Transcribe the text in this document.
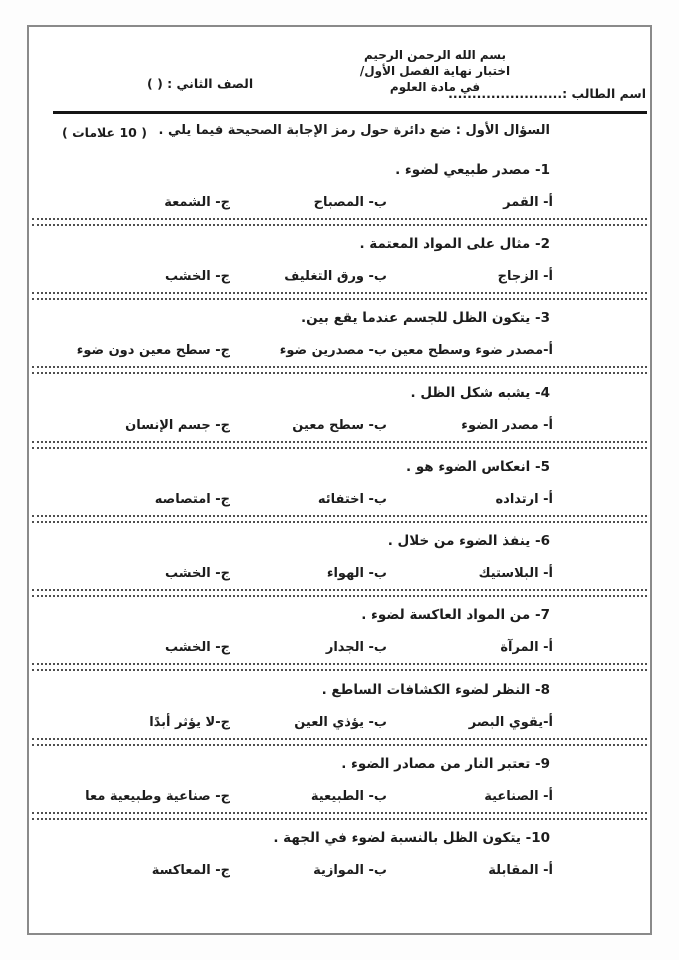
بسم الله الرحمن الرحيم
اختبار نهاية الفصل الأول/
في مادة العلوم
الصف الثاني : ( )
اسم الطالب :........................
السؤال الأول : ضع دائرة حول رمز الإجابة الصحيحة فيما يلي .
( 10 علامات )
1- مصدر طبيعي لضوء .
أ- القمر
ب- المصباح
ج- الشمعة
2- مثال على المواد المعتمة .
أ- الزجاج
ب- ورق التغليف
ج- الخشب
3- يتكون الظل للجسم عندما يقع بين.
أ-مصدر ضوء وسطح معين
ب- مصدرين ضوء
ج- سطح معين دون ضوء
4- يشبه شكل الظل .
أ- مصدر الضوء
ب- سطح معين
ج- جسم الإنسان
5- انعكاس الضوء هو .
أ- ارتداده
ب- اختفائه
ج- امتصاصه
6- ينفذ الضوء من خلال .
أ- البلاستيك
ب- الهواء
ج- الخشب
7- من المواد العاكسة لضوء .
أ- المرآة
ب- الجدار
ج- الخشب
8- النظر لضوء الكشافات الساطع .
أ-يقوي البصر
ب- يؤذي العين
ج-لا يؤثر أبدًا
9- تعتبر النار من مصادر الضوء .
أ- الصناعية
ب- الطبيعية
ج- صناعية وطبيعية معا
10- يتكون الظل بالنسبة لضوء في الجهة .
أ- المقابلة
ب- الموازية
ج- المعاكسة
